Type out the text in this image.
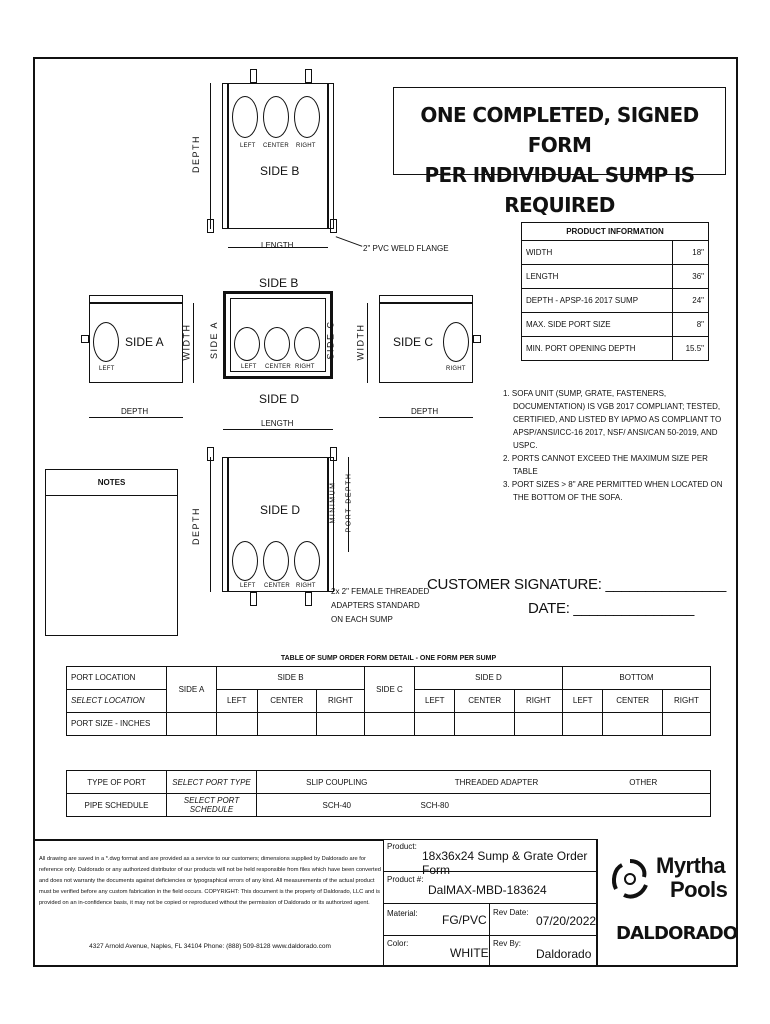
LEFT CENTER RIGHT
SIDE B
DEPTH
LENGTH	2" PVC WELD FLANGE
ONE COMPLETED, SIGNED FORM
PER INDIVIDUAL SUMP IS REQUIRED
SIDE B
LEFT CENTER RIGHT
SIDE A	SIDE C
SIDE D
LENGTH
SIDE A
LEFT
DEPTH
WIDTH	SIDE C
RIGHT
DEPTH
WIDTH
PRODUCT INFORMATION	
WIDTH	18"
LENGTH	36"
DEPTH - APSP-16 2017 SUMP	24"
MAX. SIDE PORT SIZE	8"
MIN. PORT OPENING DEPTH	15.5"
1. SOFA UNIT (SUMP, GRATE, FASTENERS, DOCUMENTATION) IS VGB 2017 COMPLIANT; TESTED, CERTIFIED, AND LISTED BY IAPMO AS COMPLIANT TO APSP/ANSI/ICC-16 2017, NSF/ ANSI/CAN 50-2019, AND USPC.
2. PORTS CANNOT EXCEED THE MAXIMUM SIZE PER TABLE
3. PORT SIZES > 8" ARE PERMITTED WHEN LOCATED ON THE BOTTOM OF THE SOFA.
NOTES
SIDE D
LEFT CENTER RIGHT
DEPTH
MINIMUM PORT DEPTH
2x 2" FEMALE THREADED
ADAPTERS STANDARD
ON EACH SUMP
CUSTOMER SIGNATURE: _______________
DATE: _______________
TABLE OF SUMP ORDER FORM DETAIL - ONE FORM PER SUMP											
PORT LOCATION	SIDE A	SIDE B			SIDE C	SIDE D			BOTTOM		
SELECT LOCATION		LEFT	CENTER	RIGHT		LEFT	CENTER	RIGHT	LEFT	CENTER	RIGHT
PORT SIZE - INCHES											
TYPE OF PORT	SELECT PORT TYPE	SLIP COUPLING	THREADED ADAPTER	OTHER
PIPE SCHEDULE	SELECT PORT SCHEDULE	SCH-40	SCH-80	
All drawing are saved in a *.dwg format and are provided as a service to our customers; dimensions supplied by Daldorado are for reference only. Daldorado or any authorized distributor of our products will not be held responsible from files which have been converted and does not warranty the documents against deficiencies or typographical errors of any kind. All measurements of the actual product must be verified before any custom fabrication in the field occurs. COPYRIGHT: This document is the property of Daldorado, LLC and is provided on an in-confidence basis, it may not be copied or reproduced without the permission of Daldorado or its authorized agent.
4327 Arnold Avenue, Naples, FL 34104 Phone: (888) 509-8128 www.daldorado.com
Product:
18x36x24 Sump & Grate Order Form
Product #:
DalMAX-MBD-183624
Material: FG/PVC
Rev Date:
07/20/2022
Color:
WHITE
Rev By:
Daldorado
Myrtha
Pools
DALDORADO
